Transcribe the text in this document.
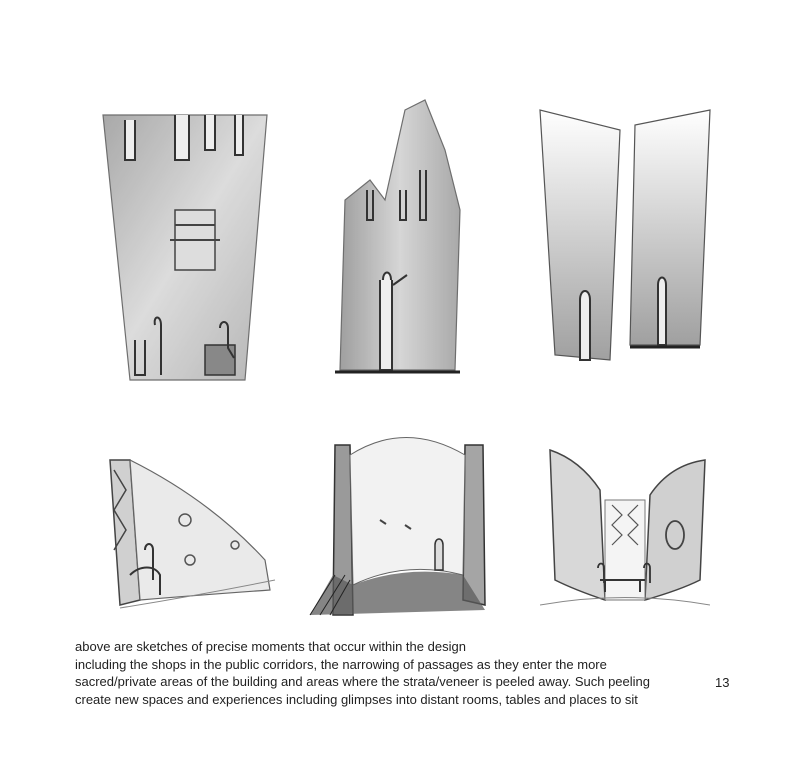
above are sketches of precise moments that occur within the design

including the shops in the public corridors, the narrowing of passages as they enter the more

sacred/private areas of the building and areas where the strata/veneer is peeled away. Such peeling

create new spaces and experiences including glimpses into distant rooms, tables and places to sit

13
